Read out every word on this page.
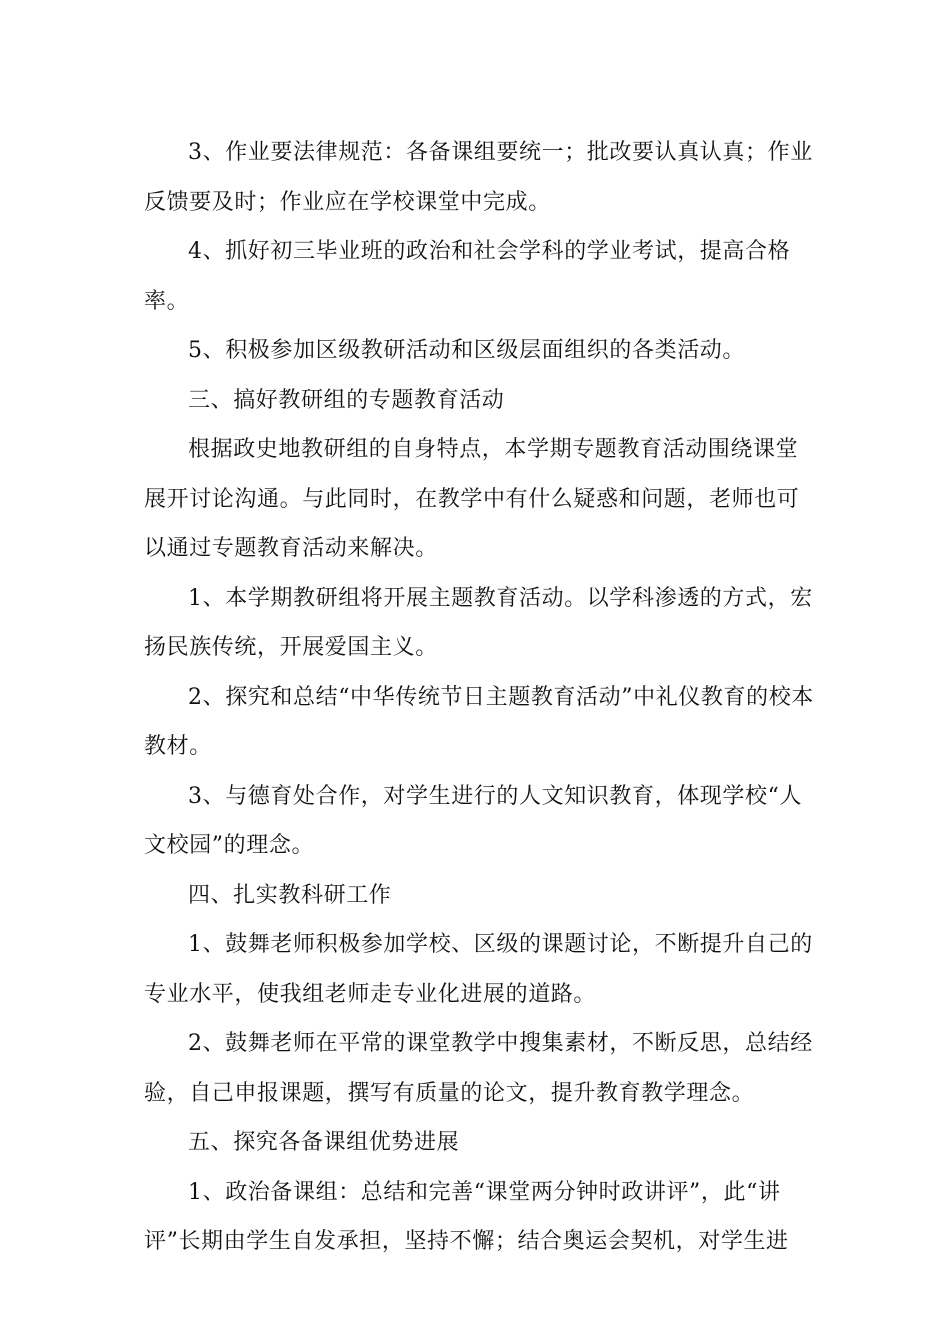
3、作业要法律规范：各备课组要统一；批改要认真认真；作业反馈要及时；作业应在学校课堂中完成。

4、抓好初三毕业班的政治和社会学科的学业考试，提高合格率。

5、积极参加区级教研活动和区级层面组织的各类活动。

三、搞好教研组的专题教育活动

根据政史地教研组的自身特点，本学期专题教育活动围绕课堂展开讨论沟通。与此同时，在教学中有什么疑惑和问题，老师也可以通过专题教育活动来解决。

1、本学期教研组将开展主题教育活动。以学科渗透的方式，宏扬民族传统，开展爱国主义。

2、探究和总结“中华传统节日主题教育活动”中礼仪教育的校本教材。

3、与德育处合作，对学生进行的人文知识教育，体现学校“人文校园”的理念。

四、扎实教科研工作

1、鼓舞老师积极参加学校、区级的课题讨论，不断提升自己的专业水平，使我组老师走专业化进展的道路。

2、鼓舞老师在平常的课堂教学中搜集素材，不断反思，总结经验，自己申报课题，撰写有质量的论文，提升教育教学理念。

五、探究各备课组优势进展

1、政治备课组：总结和完善“课堂两分钟时政讲评”，此“讲评”长期由学生自发承担，坚持不懈；结合奥运会契机，对学生进
